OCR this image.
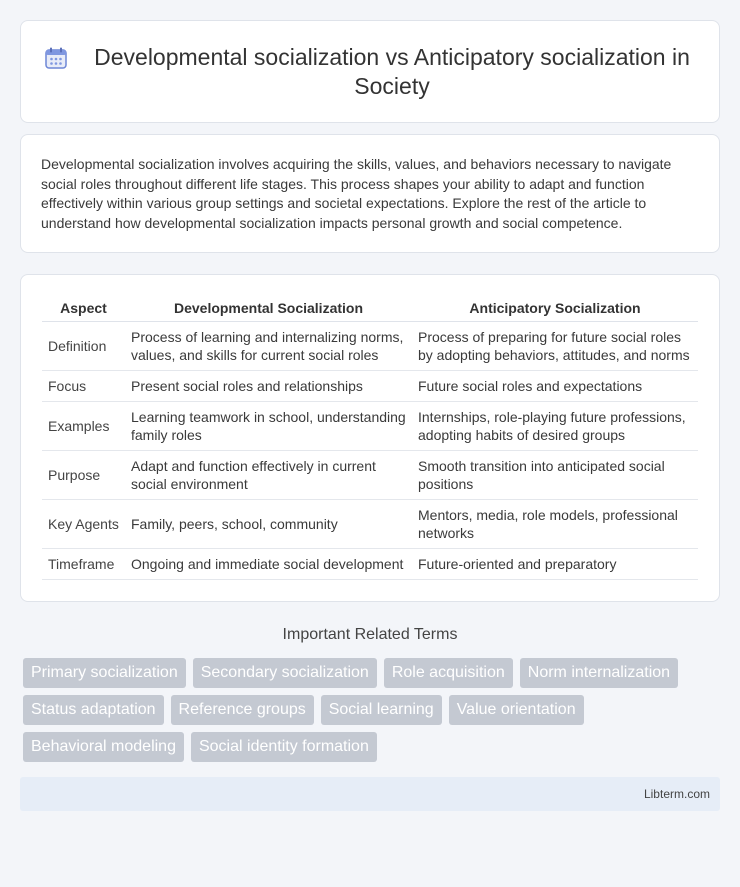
Developmental socialization vs Anticipatory socialization in Society

Developmental socialization involves acquiring the skills, values, and behaviors necessary to navigate social roles throughout different life stages. This process shapes your ability to adapt and function effectively within various group settings and societal expectations. Explore the rest of the article to understand how developmental socialization impacts personal growth and social competence.

Aspect	Developmental Socialization	Anticipatory Socialization
Definition	Process of learning and internalizing norms, values, and skills for current social roles	Process of preparing for future social roles by adopting behaviors, attitudes, and norms
Focus	Present social roles and relationships	Future social roles and expectations
Examples	Learning teamwork in school, understanding family roles	Internships, role-playing future professions, adopting habits of desired groups
Purpose	Adapt and function effectively in current social environment	Smooth transition into anticipated social positions
Key Agents	Family, peers, school, community	Mentors, media, role models, professional networks
Timeframe	Ongoing and immediate social development	Future-oriented and preparatory
Important Related Terms
Primary socialization	Secondary socialization	Role acquisition	Norm internalization
Status adaptation	Reference groups	Social learning	Value orientation
Behavioral modeling	Social identity formation
Libterm.com
